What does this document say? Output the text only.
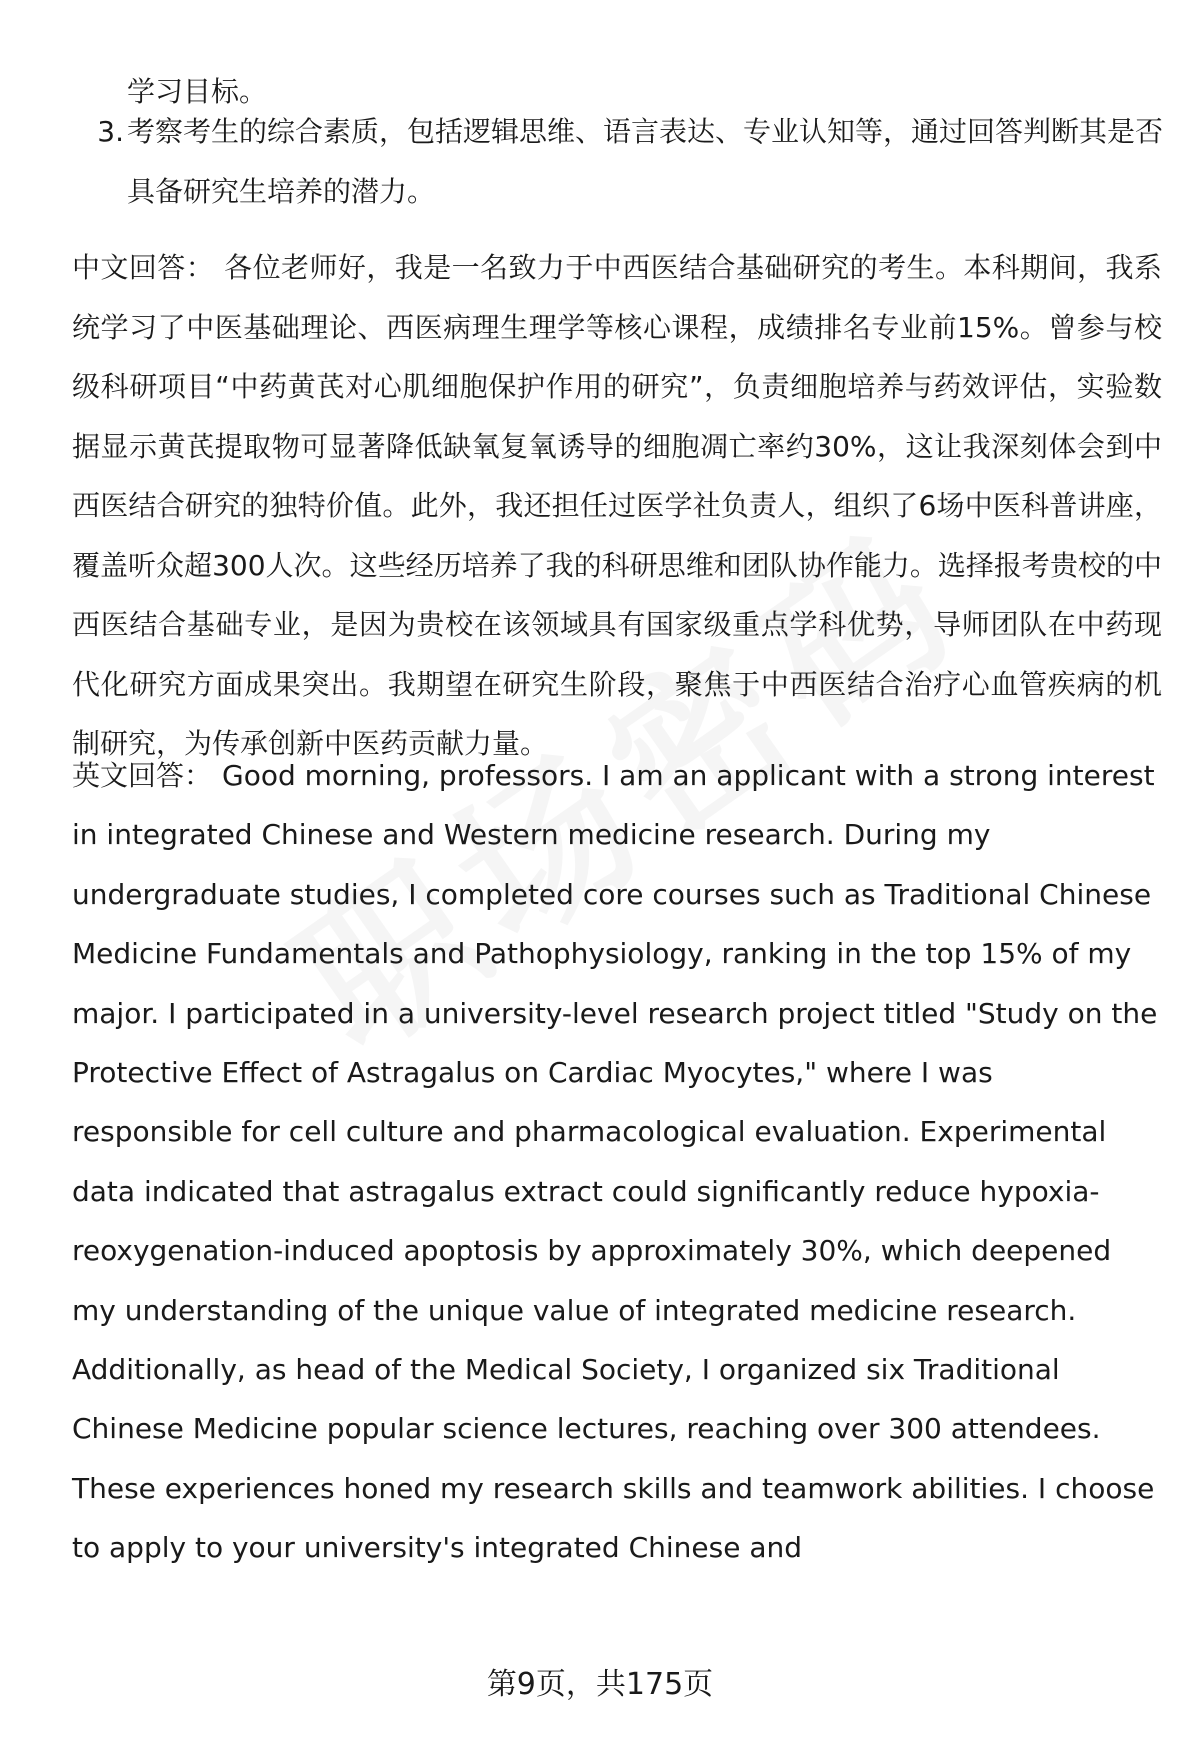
学习目标。
3. 考察考生的综合素质，包括逻辑思维、语言表达、专业认知等，通过回答判断其是否具备研究生培养的潜力。

中文回答： 各位老师好，我是一名致力于中西医结合基础研究的考生。本科期间，我系统学习了中医基础理论、西医病理生理学等核心课程，成绩排名专业前15%。曾参与校级科研项目“中药黄芪对心肌细胞保护作用的研究”，负责细胞培养与药效评估，实验数据显示黄芪提取物可显著降低缺氧复氧诱导的细胞凋亡率约30%，这让我深刻体会到中西医结合研究的独特价值。此外，我还担任过医学社负责人，组织了6场中医科普讲座，覆盖听众超300人次。这些经历培养了我的科研思维和团队协作能力。选择报考贵校的中西医结合基础专业，是因为贵校在该领域具有国家级重点学科优势，导师团队在中药现代化研究方面成果突出。我期望在研究生阶段，聚焦于中西医结合治疗心血管疾病的机制研究，为传承创新中医药贡献力量。

英文回答： Good morning, professors. I am an applicant with a strong interest in integrated Chinese and Western medicine research. During my undergraduate studies, I completed core courses such as Traditional Chinese Medicine Fundamentals and Pathophysiology, ranking in the top 15% of my major. I participated in a university-level research project titled "Study on the Protective Effect of Astragalus on Cardiac Myocytes," where I was responsible for cell culture and pharmacological evaluation. Experimental data indicated that astragalus extract could significantly reduce hypoxia-reoxygenation-induced apoptosis by approximately 30%, which deepened my understanding of the unique value of integrated medicine research. Additionally, as head of the Medical Society, I organized six Traditional Chinese Medicine popular science lectures, reaching over 300 attendees. These experiences honed my research skills and teamwork abilities. I choose to apply to your university's integrated Chinese and

第9页，共175页
